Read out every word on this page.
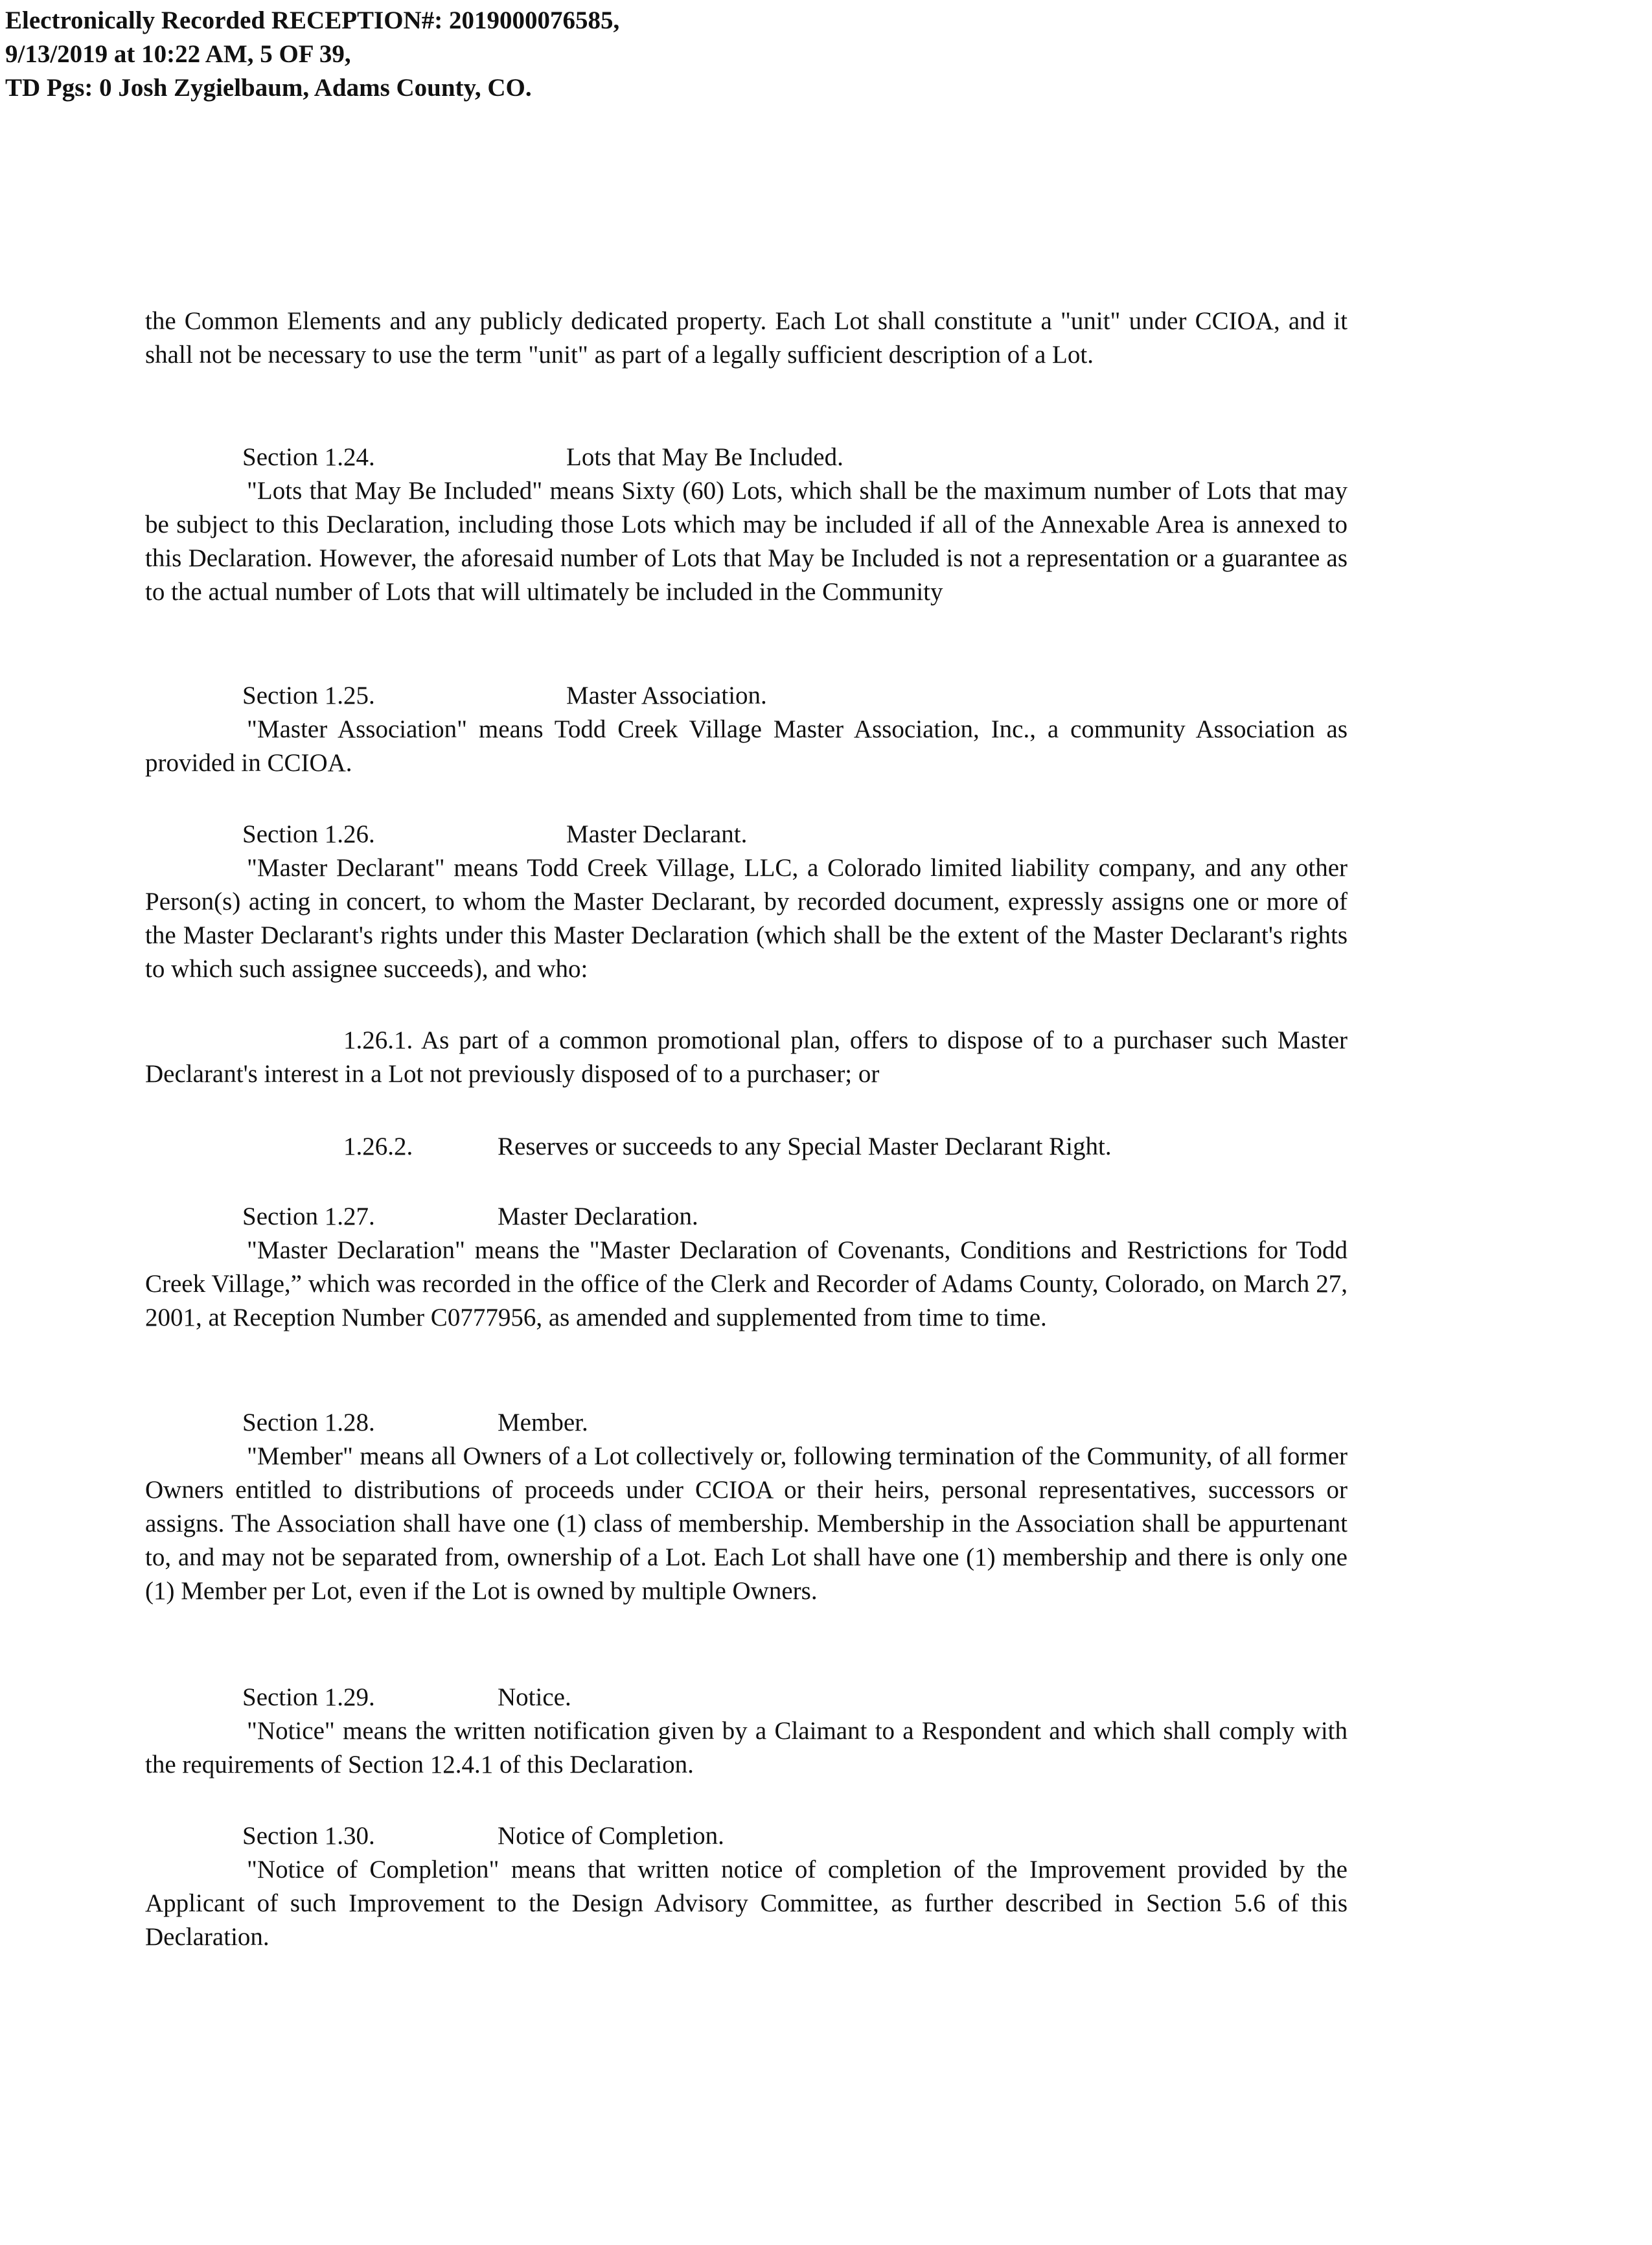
Electronically Recorded RECEPTION#: 2019000076585,
9/13/2019 at 10:22 AM, 5 OF 39,
TD Pgs: 0 Josh Zygielbaum, Adams County, CO.

the Common Elements and any publicly dedicated property. Each Lot shall constitute a "unit" under CCIOA, and it shall not be necessary to use the term "unit" as part of a legally sufficient description of a Lot.

Section 1.24.	Lots that May Be Included.

"Lots that May Be Included" means Sixty (60) Lots, which shall be the maximum number of Lots that may be subject to this Declaration, including those Lots which may be included if all of the Annexable Area is annexed to this Declaration. However, the aforesaid number of Lots that May be Included is not a representation or a guarantee as to the actual number of Lots that will ultimately be included in the Community

Section 1.25.	Master Association.

"Master Association" means Todd Creek Village Master Association, Inc., a community Association as provided in CCIOA.

Section 1.26.	Master Declarant.

"Master Declarant" means Todd Creek Village, LLC, a Colorado limited liability company, and any other Person(s) acting in concert, to whom the Master Declarant, by recorded document, expressly assigns one or more of the Master Declarant's rights under this Master Declaration (which shall be the extent of the Master Declarant's rights to which such assignee succeeds), and who:

1.26.1. As part of a common promotional plan, offers to dispose of to a purchaser such Master Declarant's interest in a Lot not previously disposed of to a purchaser; or

1.26.2.	Reserves or succeeds to any Special Master Declarant Right.
Section 1.27.	Master Declaration.

"Master Declaration" means the "Master Declaration of Covenants, Conditions and Restrictions for Todd Creek Village,” which was recorded in the office of the Clerk and Recorder of Adams County, Colorado, on March 27, 2001, at Reception Number C0777956, as amended and supplemented from time to time.

Section 1.28.	Member.

"Member" means all Owners of a Lot collectively or, following termination of the Community, of all former Owners entitled to distributions of proceeds under CCIOA or their heirs, personal representatives, successors or assigns. The Association shall have one (1) class of membership. Membership in the Association shall be appurtenant to, and may not be separated from, ownership of a Lot. Each Lot shall have one (1) membership and there is only one (1) Member per Lot, even if the Lot is owned by multiple Owners.

Section 1.29.	Notice.

"Notice" means the written notification given by a Claimant to a Respondent and which shall comply with the requirements of Section 12.4.1 of this Declaration.

Section 1.30.	Notice of Completion.

"Notice of Completion" means that written notice of completion of the Improvement provided by the Applicant of such Improvement to the Design Advisory Committee, as further described in Section 5.6 of this Declaration.
